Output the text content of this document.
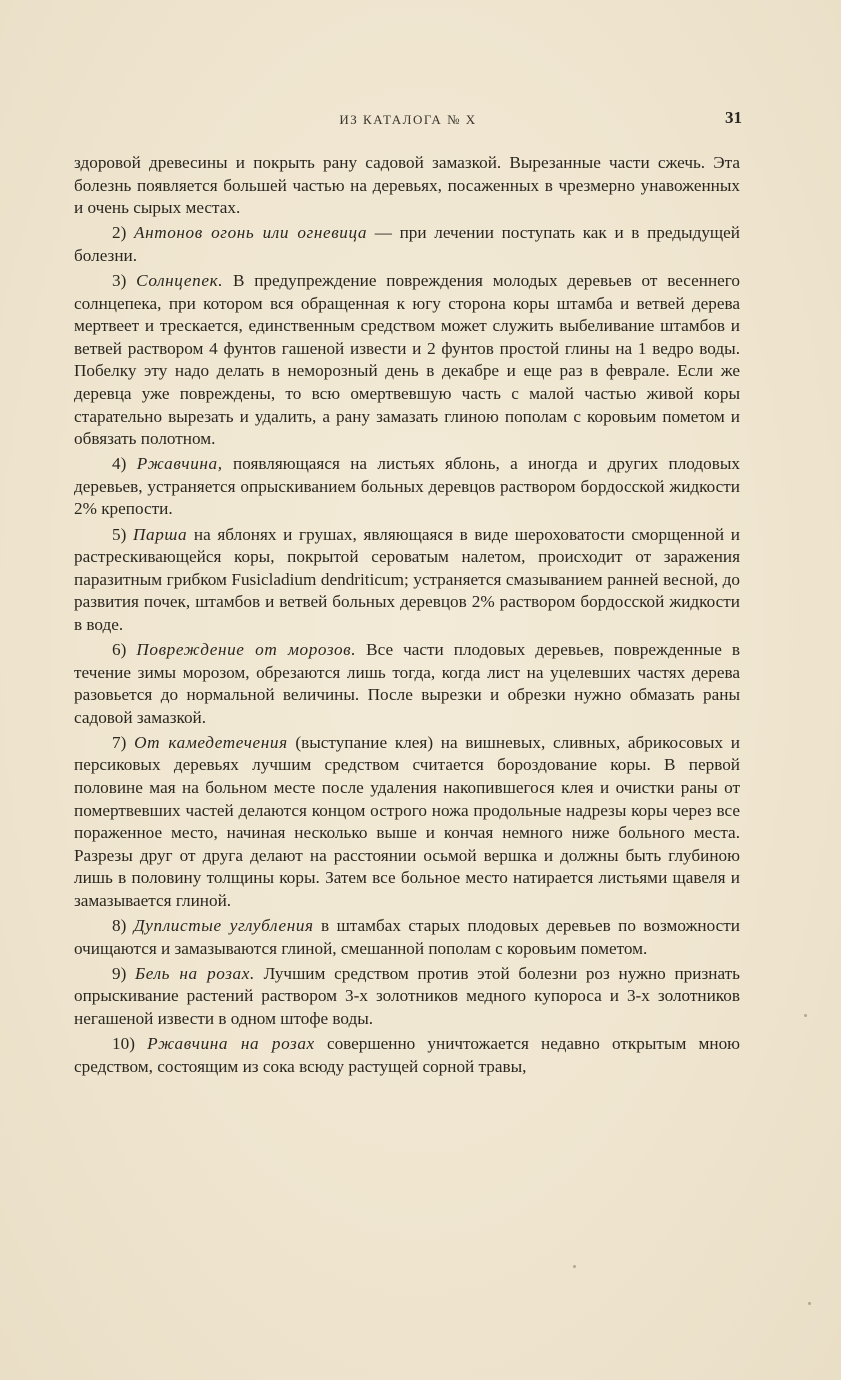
ИЗ КАТАЛОГА № X	31

здоровой древесины и покрыть рану садовой замазкой. Вырезанные части сжечь. Эта болезнь появляется большей частью на деревьях, посаженных в чрезмерно унавоженных и очень сырых местах.

2) Антонов огонь или огневица — при лечении поступать как и в предыдущей болезни.

3) Солнцепек. В предупреждение повреждения молодых деревьев от весеннего солнцепека, при котором вся обращенная к югу сторона коры штамба и ветвей дерева мертвеет и трескается, единственным средством может служить выбеливание штамбов и ветвей раствором 4 фунтов гашеной извести и 2 фунтов простой глины на 1 ведро воды. Побелку эту надо делать в неморозный день в декабре и еще раз в феврале. Если же деревца уже повреждены, то всю омертвевшую часть с малой частью живой коры старательно вырезать и удалить, а рану замазать глиною пополам с коровьим пометом и обвязать полотном.

4) Ржавчина, появляющаяся на листьях яблонь, а иногда и других плодовых деревьев, устраняется опрыскиванием больных деревцов раствором бордосской жидкости 2% крепости.

5) Парша на яблонях и грушах, являющаяся в виде шероховатости сморщенной и растрескивающейся коры, покрытой сероватым налетом, происходит от заражения паразитным грибком Fusicladium dendriticum; устраняется смазыванием ранней весной, до развития почек, штамбов и ветвей больных деревцов 2% раствором бордосской жидкости в воде.

6) Повреждение от морозов. Все части плодовых деревьев, поврежденные в течение зимы морозом, обрезаются лишь тогда, когда лист на уцелевших частях дерева разовьется до нормальной величины. После вырезки и обрезки нужно обмазать раны садовой замазкой.

7) От камедетечения (выступание клея) на вишневых, сливных, абрикосовых и персиковых деревьях лучшим средством считается бороздование коры. В первой половине мая на больном месте после удаления накопившегося клея и очистки раны от помертвевших частей делаются концом острого ножа продольные надрезы коры через все пораженное место, начиная несколько выше и кончая немного ниже больного места. Разрезы друг от друга делают на расстоянии осьмой вершка и должны быть глубиною лишь в половину толщины коры. Затем все больное место натирается листьями щавеля и замазывается глиной.

8) Дуплистые углубления в штамбах старых плодовых деревьев по возможности очищаются и замазываются глиной, смешанной пополам с коровьим пометом.

9) Бель на розах. Лучшим средством против этой болезни роз нужно признать опрыскивание растений раствором 3-х золотников медного купороса и 3-х золотников негашеной извести в одном штофе воды.

10) Ржавчина на розах совершенно уничтожается недавно открытым мною средством, состоящим из сока всюду растущей сорной травы,
